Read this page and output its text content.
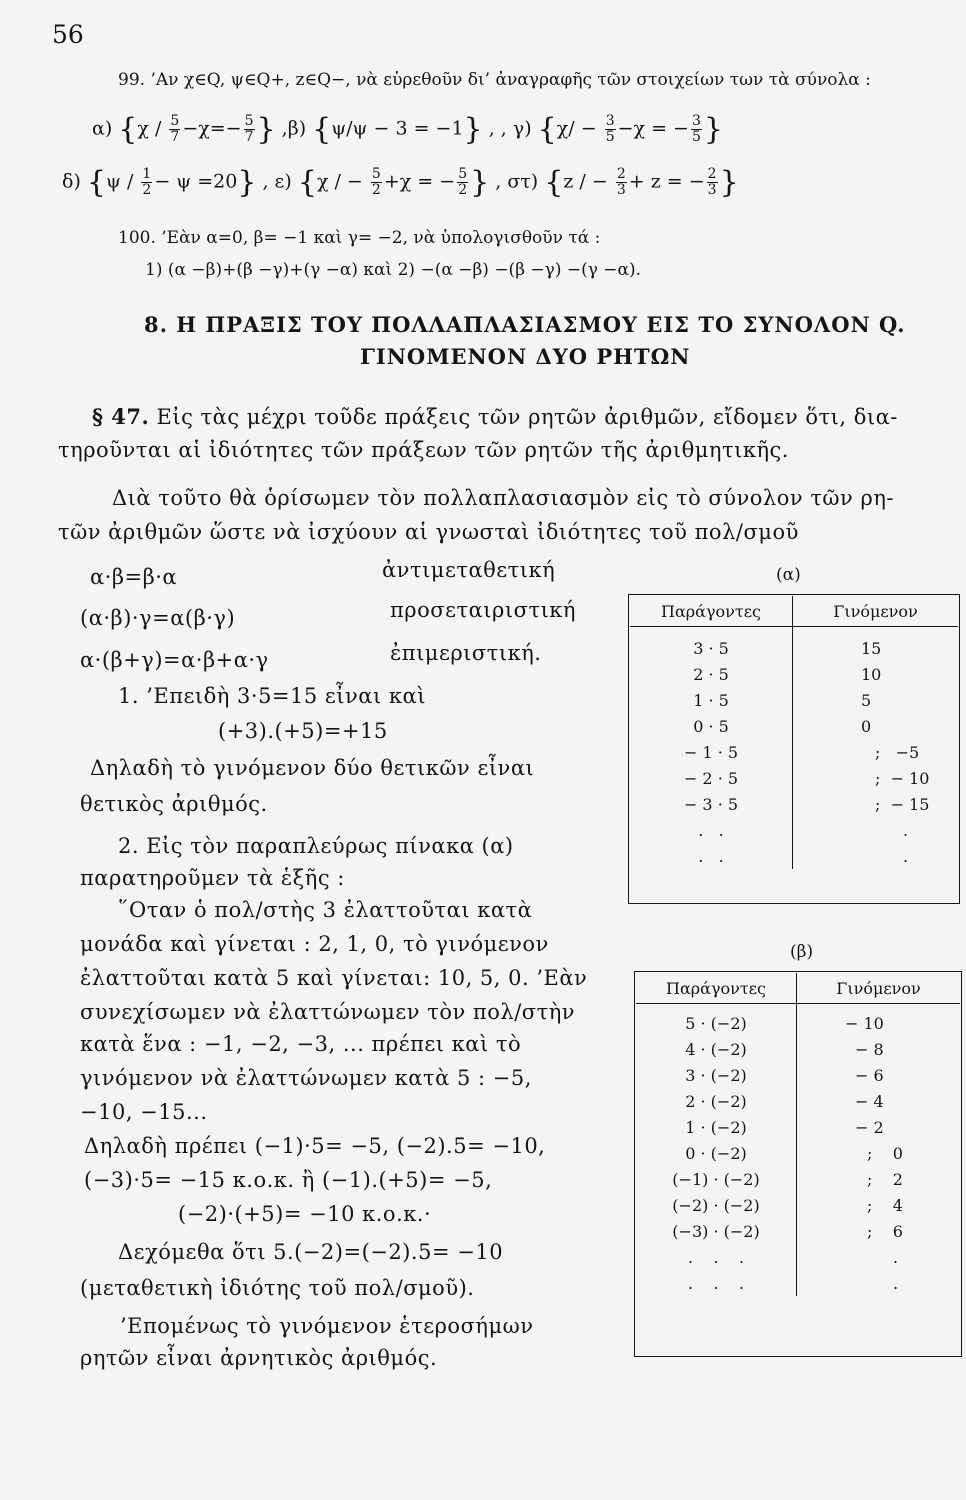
56
99. ’Αν χ∈Q, ψ∈Q+, z∈Q−, νὰ εὑρεθοῦν δι’ ἀναγραφῆς τῶν στοιχείων των τὰ σύνολα :
α) {$\chi / \frac{5}{7} -\chi=- \frac{5}{7}$ } ,β) {ψ/ψ − 3 = −1} , , γ) {$\chi/ - \frac{3}{5} -\chi$ = − $\frac{3}{5}$ }
δ) $\{\psi / \frac{1}{2} - \psi =20\}$ , ε) {χ / − $\frac{5}{2} +\chi$ = − $\frac{5}{2}$ } , στ) {z / − $\frac{2}{3} + z$ = − $\frac{2}{3}$ }
100. ’Εὰν α=0, β= −1 καὶ γ= −2, νὰ ὑπολογισθοῦν τά :
1) (α −β)+(β −γ)+(γ −α) καὶ 2) −(α −β) −(β −γ) −(γ −α).
8. Η ΠΡΑΞΙΣ ΤΟΥ ΠΟΛΛΑΠΛΑΣΙΑΣΜΟΥ ΕΙΣ ΤΟ ΣΥΝΟΛΟΝ Q.
ΓΙΝΟΜΕΝΟΝ ΔΥΟ ΡΗΤΩΝ
§ 47. Εἰς τὰς μέχρι τοῦδε πράξεις τῶν ρητῶν ἀριθμῶν, εἴδομεν ὅτι, δια-
τηροῦνται αἱ ἰδιότητες τῶν πράξεων τῶν ρητῶν τῆς ἀριθμητικῆς.
Διὰ τοῦτο θὰ ὁρίσωμεν τὸν πολλαπλασιασμὸν εἰς τὸ σύνολον τῶν ρη-
τῶν ἀριθμῶν ὥστε νὰ ἰσχύουν αἱ γνωσταὶ ἰδιότητες τοῦ πολ/σμοῦ
α·β=β·α	ἀντιμεταθετική
(α·β)·γ=α(β·γ)	προσεταιριστική
α·(β+γ)=α·β+α·γ	ἐπιμεριστική.
1. ’Επειδὴ 3·5=15 εἶναι καὶ
(+3).(+5)=+15
Δηλαδὴ τὸ γινόμενον δύο θετικῶν εἶναι
θετικὸς ἀριθμός.
2. Εἰς τὸν παραπλεύρως πίνακα (α)
παρατηροῦμεν τὰ ἑξῆς :
῞Οταν ὁ πολ/στὴς 3 ἐλαττοῦται κατὰ
μονάδα καὶ γίνεται : 2, 1, 0, τὸ γινόμενον
ἐλαττοῦται κατὰ 5 καὶ γίνεται: 10, 5, 0. ’Εὰν
συνεχίσωμεν νὰ ἐλαττώνωμεν τὸν πολ/στὴν
κατὰ ἕνα : −1, −2, −3, ... πρέπει καὶ τὸ
γινόμενον νὰ ἐλαττώνωμεν κατὰ 5 : −5,
−10, −15...
Δηλαδὴ πρέπει (−1)·5= −5, (−2).5= −10,
(−3)·5= −15 κ.ο.κ. ἢ (−1).(+5)= −5,
(−2)·(+5)= −10 κ.ο.κ.·
Δεχόμεθα ὅτι 5.(−2)=(−2).5= −10
(μεταθετικὴ ἰδιότης τοῦ πολ/σμοῦ).
’Επομένως τὸ γινόμενον ἑτεροσήμων
ρητῶν εἶναι ἀρνητικὸς ἀριθμός.
(α)
Παράγοντες	Γινόμενον
3 · 5	15
2 · 5	10
1 · 5	5
0 · 5	0
− 1 · 5	;   −5
− 2 · 5	;  − 10
− 3 · 5	;  − 15
.   .	.
.   .	.
(β)
Παράγοντες	Γινόμενον
5 · (−2)	− 10
4 · (−2)	− 8
3 · (−2)	− 6
2 · (−2)	− 4
1 · (−2)	− 2
0 · (−2)	;    0
(−1) · (−2)	;    2
(−2) · (−2)	;    4
(−3) · (−2)	;    6
.    .    .	.
.    .    .	.
